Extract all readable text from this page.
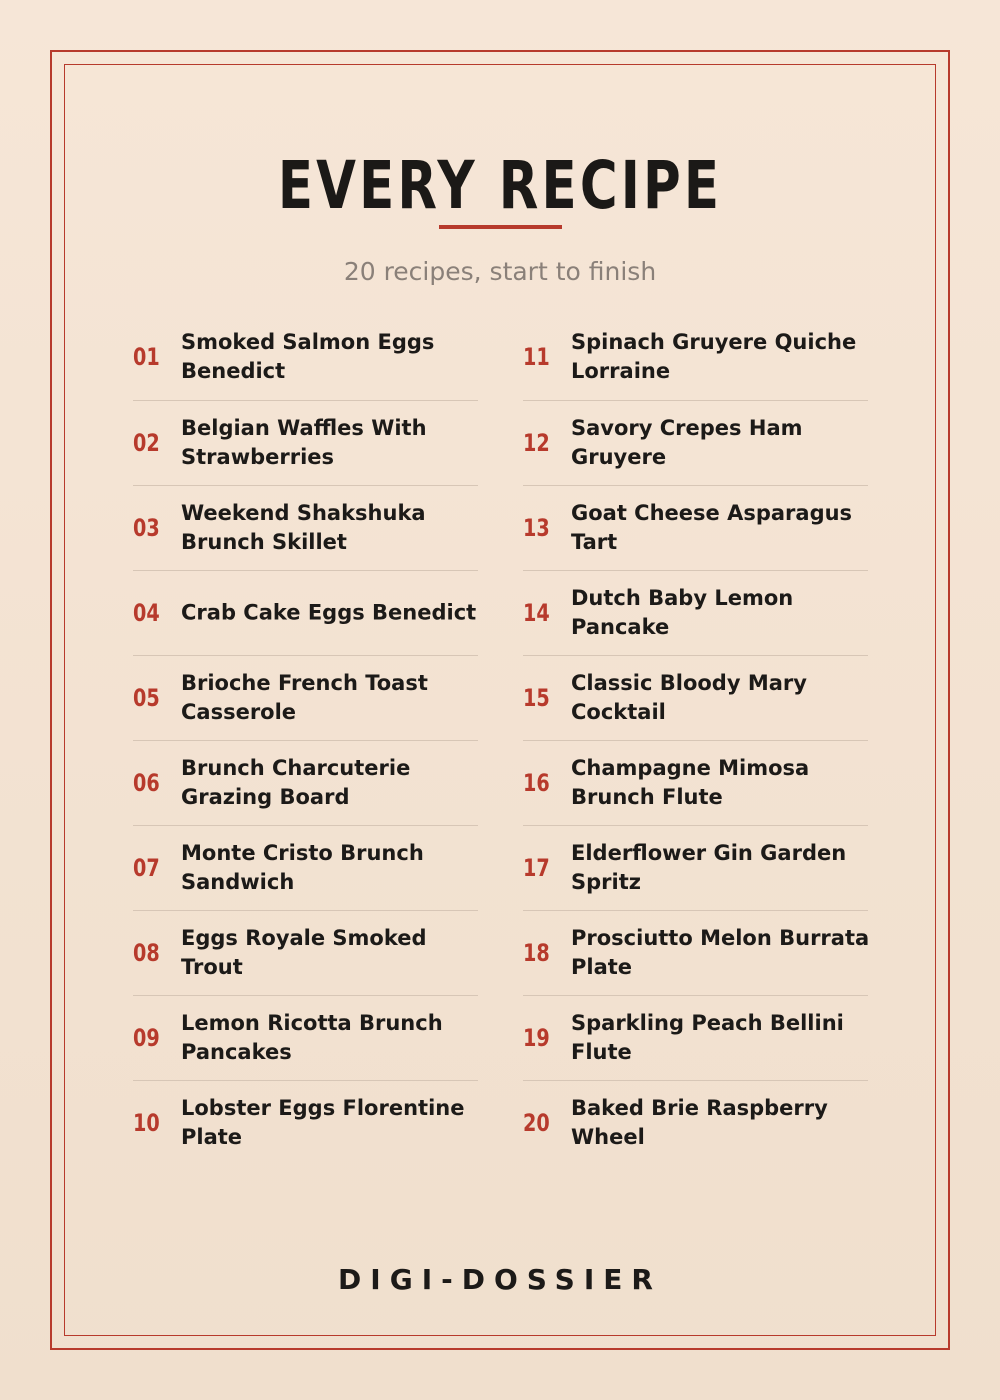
EVERY RECIPE
20 recipes, start to finish
01
Smoked Salmon Eggs Benedict
02
Belgian Waffles With Strawberries
03
Weekend Shakshuka Brunch Skillet
04 Crab Cake Eggs Benedict
05
Brioche French Toast Casserole
06
Brunch Charcuterie Grazing Board
07
Monte Cristo Brunch Sandwich
08
Eggs Royale Smoked Trout
09
Lemon Ricotta Brunch Pancakes
10
Lobster Eggs Florentine Plate
11
Spinach Gruyere Quiche Lorraine
12
Savory Crepes Ham Gruyere
13
Goat Cheese Asparagus Tart
14
Dutch Baby Lemon Pancake
15
Classic Bloody Mary Cocktail
16
Champagne Mimosa Brunch Flute
17
Elderflower Gin Garden Spritz
18
Prosciutto Melon Burrata Plate
19
Sparkling Peach Bellini Flute
20
Baked Brie Raspberry Wheel
DIGI-DOSSIER
